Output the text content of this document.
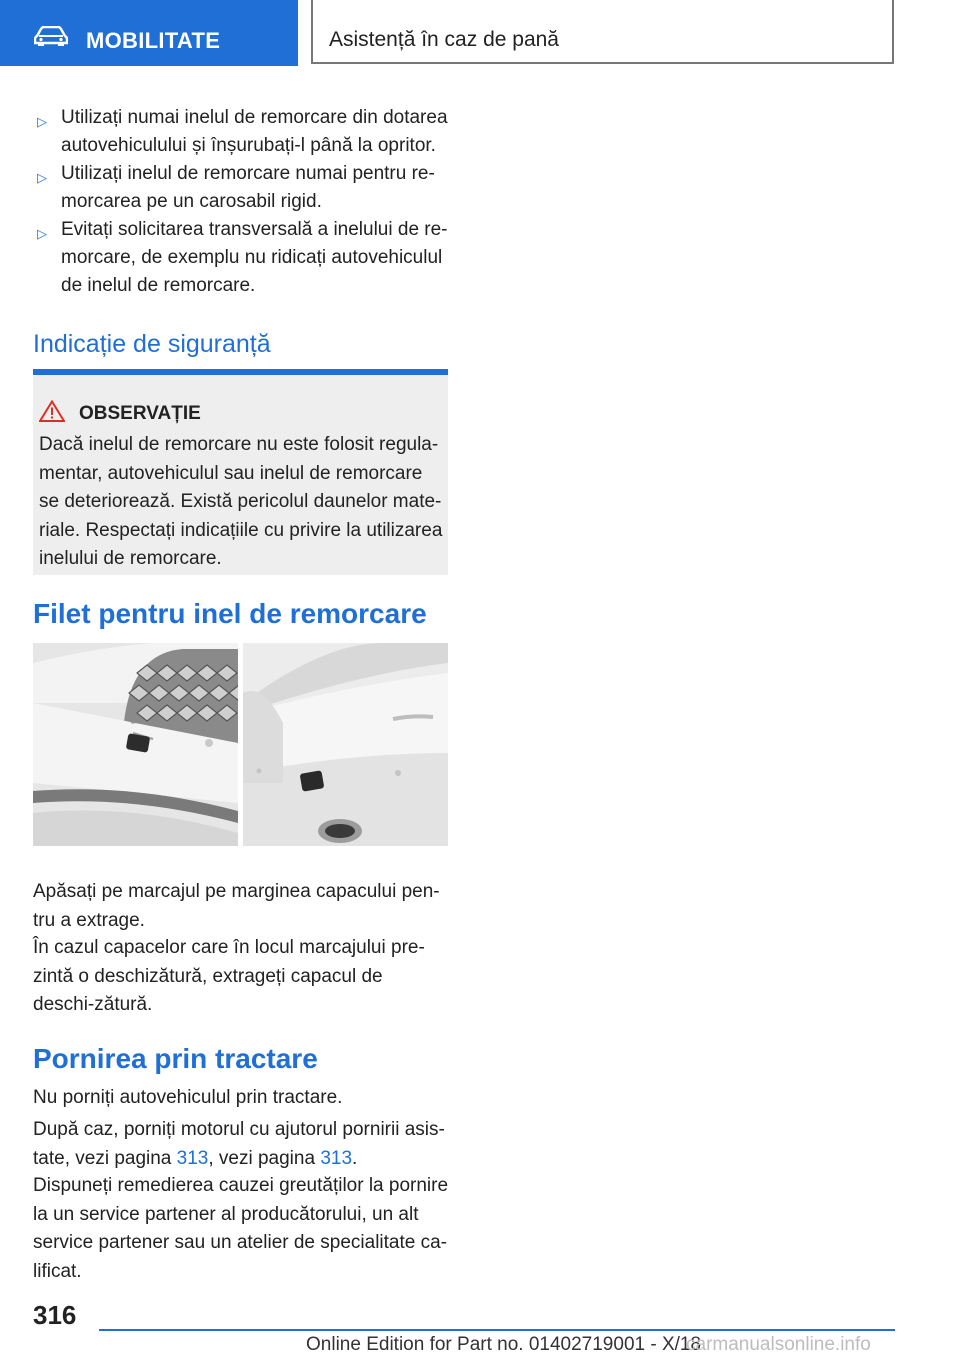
MOBILITATE	Asistență în caz de pană
▷ Utilizați numai inelul de remorcare din dotarea autovehiculului și înșurubați-l până la opritor.
▷ Utilizați inelul de remorcare numai pentru re-morcarea pe un carosabil rigid.
▷ Evitați solicitarea transversală a inelului de re-morcare, de exemplu nu ridicați autovehiculul de inelul de remorcare.
Indicație de siguranță
OBSERVAȚIE
Dacă inelul de remorcare nu este folosit regula-mentar, autovehiculul sau inelul de remorcare se deteriorează. Există pericolul daunelor mate-riale. Respectați indicațiile cu privire la utilizarea inelului de remorcare.
Filet pentru inel de remorcare
Apăsați pe marcajul pe marginea capacului pen-tru a extrage.
În cazul capacelor care în locul marcajului pre-zintă o deschizătură, extrageți capacul de deschi-zătură.
Pornirea prin tractare
Nu porniți autovehiculul prin tractare.
După caz, porniți motorul cu ajutorul pornirii asis-tate, vezi pagina 313, vezi pagina 313.
Dispuneți remedierea cauzei greutăților la pornire la un service partener al producătorului, un alt service partener sau un atelier de specialitate ca-lificat.
316
Online Edition for Part no. 01402719001 - X/18
carmanualsonline.info
